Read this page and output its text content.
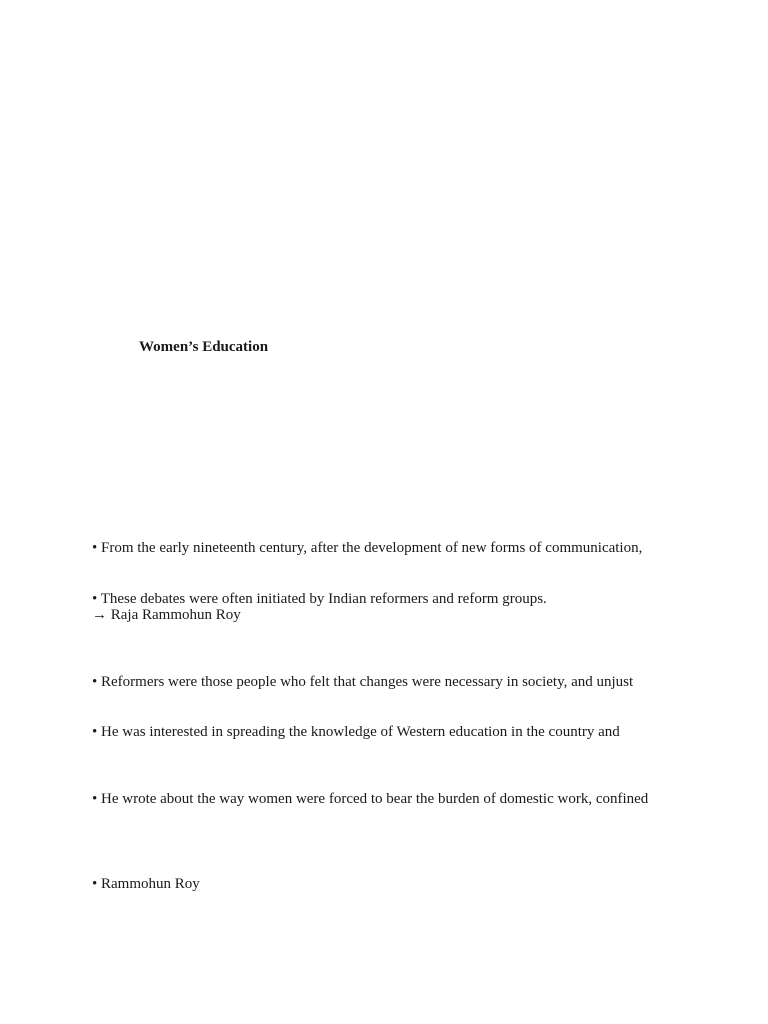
Women’s Education
• From the early nineteenth century, after the development of new forms of communication,
• These debates were often initiated by Indian reformers and reform groups.
→ Raja Rammohun Roy
• Reformers were those people who felt that changes were necessary in society, and unjust
• He was interested in spreading the knowledge of Western education in the country and
• He wrote about the way women were forced to bear the burden of domestic work, confined
• Rammohun Roy
